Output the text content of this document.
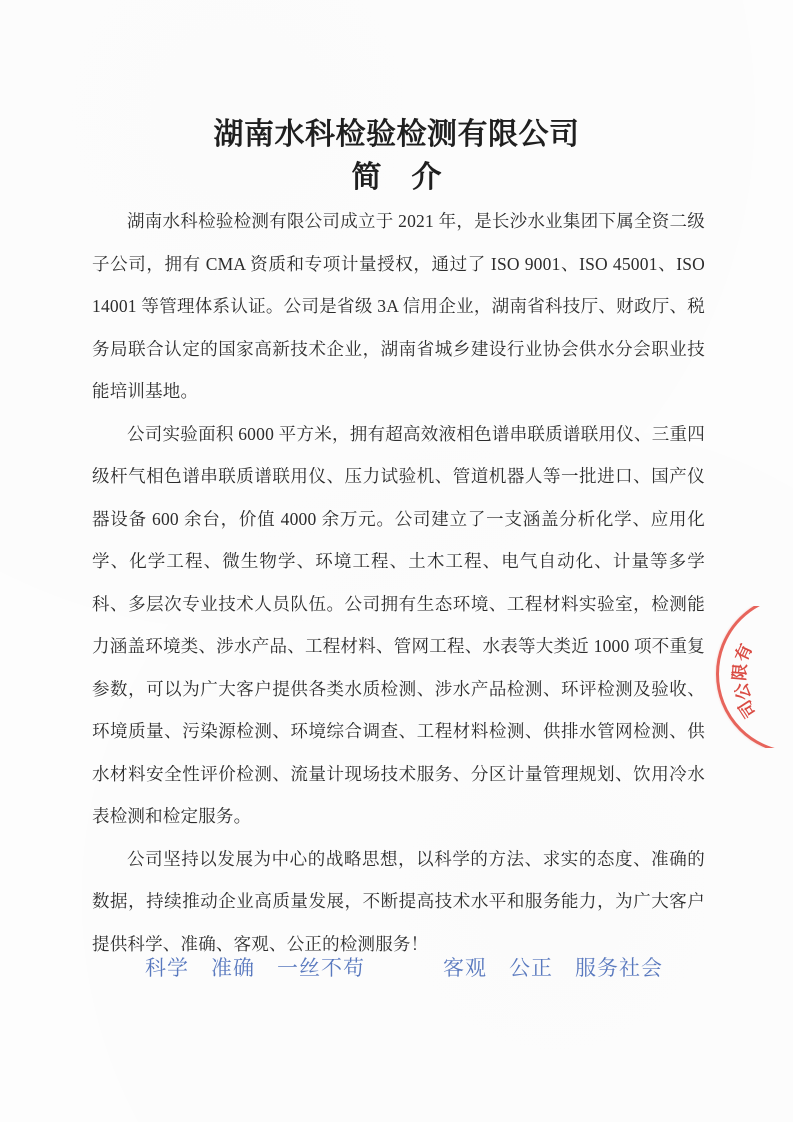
湖南水科检验检测有限公司
简　介

湖南水科检验检测有限公司成立于 2021 年，是长沙水业集团下属全资二级子公司，拥有 CMA 资质和专项计量授权，通过了 ISO 9001、ISO 45001、ISO 14001 等管理体系认证。公司是省级 3A 信用企业，湖南省科技厅、财政厅、税务局联合认定的国家高新技术企业，湖南省城乡建设行业协会供水分会职业技能培训基地。

公司实验面积 6000 平方米，拥有超高效液相色谱串联质谱联用仪、三重四级杆气相色谱串联质谱联用仪、压力试验机、管道机器人等一批进口、国产仪器设备 600 余台，价值 4000 余万元。公司建立了一支涵盖分析化学、应用化学、化学工程、微生物学、环境工程、土木工程、电气自动化、计量等多学科、多层次专业技术人员队伍。公司拥有生态环境、工程材料实验室，检测能力涵盖环境类、涉水产品、工程材料、管网工程、水表等大类近 1000 项不重复参数，可以为广大客户提供各类水质检测、涉水产品检测、环评检测及验收、环境质量、污染源检测、环境综合调查、工程材料检测、供排水管网检测、供水材料安全性评价检测、流量计现场技术服务、分区计量管理规划、饮用冷水表检测和检定服务。

公司坚持以发展为中心的战略思想，以科学的方法、求实的态度、准确的数据，持续推动企业高质量发展，不断提高技术水平和服务能力，为广大客户提供科学、准确、客观、公正的检测服务！

科学　准确　一丝不苟	客观　公正　服务社会
有
限
公
司
